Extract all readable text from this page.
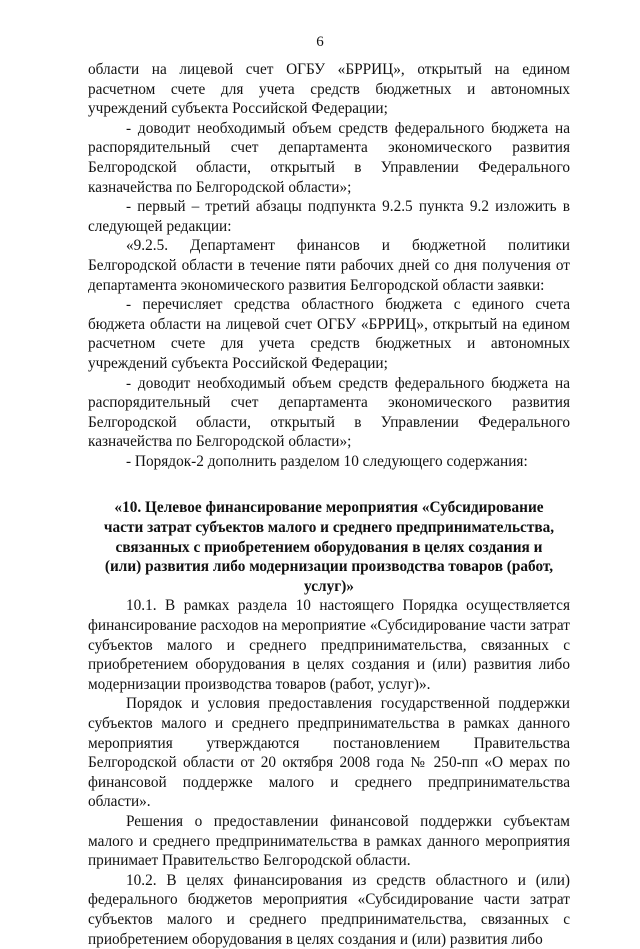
6

области на лицевой счет ОГБУ «БРРИЦ», открытый на едином расчетном счете для учета средств бюджетных и автономных учреждений субъекта Российской Федерации;

- доводит необходимый объем средств федерального бюджета на распорядительный счет департамента экономического развития Белгородской области, открытый в Управлении Федерального казначейства по Белгородской области»;

- первый – третий абзацы подпункта 9.2.5 пункта 9.2 изложить в следующей редакции:

«9.2.5. Департамент финансов и бюджетной политики Белгородской области в течение пяти рабочих дней со дня получения от департамента экономического развития Белгородской области заявки:

- перечисляет средства областного бюджета с единого счета бюджета области на лицевой счет ОГБУ «БРРИЦ», открытый на едином расчетном счете для учета средств бюджетных и автономных учреждений субъекта Российской Федерации;

- доводит необходимый объем средств федерального бюджета на распорядительный счет департамента экономического развития Белгородской области, открытый в Управлении Федерального казначейства по Белгородской области»;

- Порядок-2 дополнить разделом 10 следующего содержания:

«10. Целевое финансирование мероприятия «Субсидирование части затрат субъектов малого и среднего предпринимательства, связанных с приобретением оборудования в целях создания и (или) развития либо модернизации производства товаров (работ, услуг)»

10.1. В рамках раздела 10 настоящего Порядка осуществляется финансирование расходов на мероприятие «Субсидирование части затрат субъектов малого и среднего предпринимательства, связанных с приобретением оборудования в целях создания и (или) развития либо модернизации производства товаров (работ, услуг)».

Порядок и условия предоставления государственной поддержки субъектов малого и среднего предпринимательства в рамках данного мероприятия утверждаются постановлением Правительства Белгородской области от 20 октября 2008 года № 250-пп «О мерах по финансовой поддержке малого и среднего предпринимательства области».

Решения о предоставлении финансовой поддержки субъектам малого и среднего предпринимательства в рамках данного мероприятия принимает Правительство Белгородской области.

10.2. В целях финансирования из средств областного и (или) федерального бюджетов мероприятия «Субсидирование части затрат субъектов малого и среднего предпринимательства, связанных с приобретением оборудования в целях создания и (или) развития либо
